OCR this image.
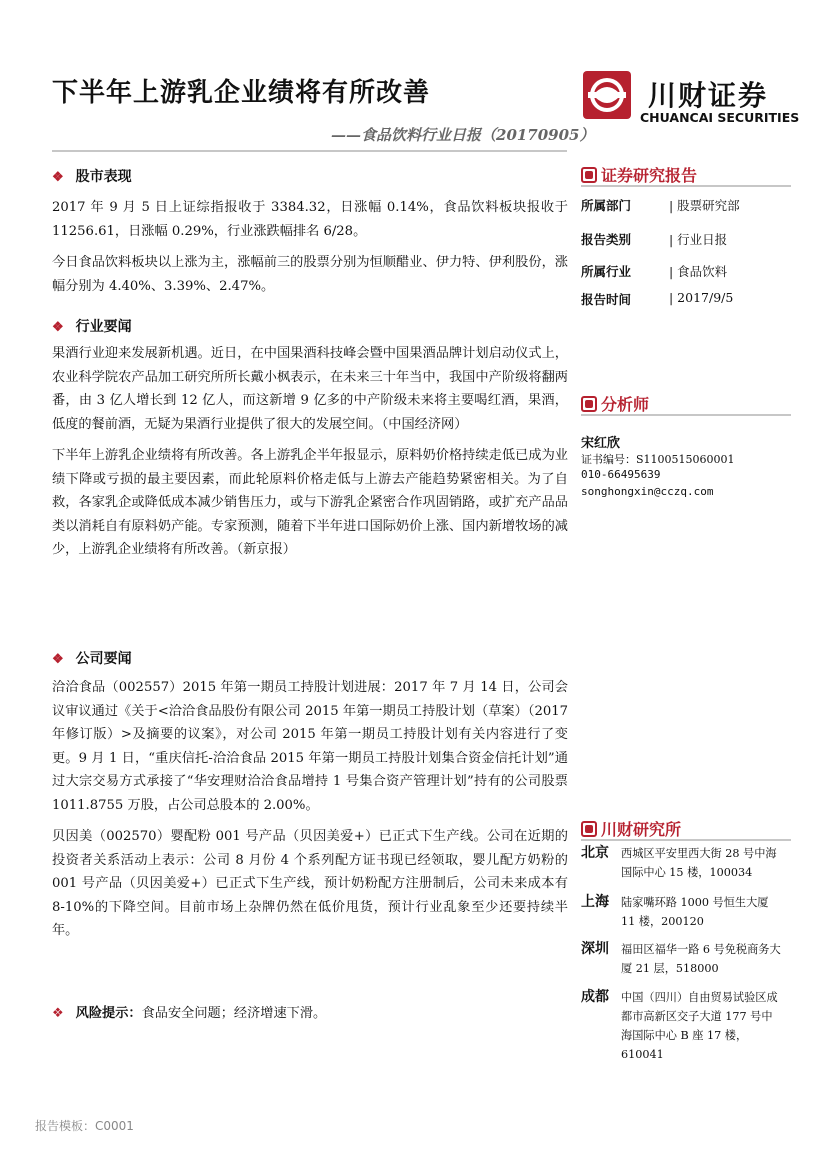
下半年上游乳企业绩将有所改善
——食品饮料行业日报（20170905）
川财证券
CHUANCAI SECURITIES
❖ 股市表现

2017 年 9 月 5 日上证综指报收于 3384.32，日涨幅 0.14%，食品饮料板块报收于 11256.61，日涨幅 0.29%，行业涨跌幅排名 6/28。

今日食品饮料板块以上涨为主，涨幅前三的股票分别为恒顺醋业、伊力特、伊利股份，涨幅分别为 4.40%、3.39%、2.47%。

❖ 行业要闻

果酒行业迎来发展新机遇。近日，在中国果酒科技峰会暨中国果酒品牌计划启动仪式上，农业科学院农产品加工研究所所长戴小枫表示，在未来三十年当中，我国中产阶级将翻两番，由 3 亿人增长到 12 亿人，而这新增 9 亿多的中产阶级未来将主要喝红酒，果酒，低度的餐前酒，无疑为果酒行业提供了很大的发展空间。（中国经济网）

下半年上游乳企业绩将有所改善。各上游乳企半年报显示，原料奶价格持续走低已成为业绩下降或亏损的最主要因素，而此轮原料价格走低与上游去产能趋势紧密相关。为了自救，各家乳企或降低成本减少销售压力，或与下游乳企紧密合作巩固销路，或扩充产品品类以消耗自有原料奶产能。专家预测，随着下半年进口国际奶价上涨、国内新增牧场的减少，上游乳企业绩将有所改善。（新京报）

❖ 公司要闻

洽洽食品（002557）2015 年第一期员工持股计划进展：2017 年 7 月 14 日，公司会议审议通过《关于<洽洽食品股份有限公司 2015 年第一期员工持股计划（草案）（2017 年修订版）>及摘要的议案》，对公司 2015 年第一期员工持股计划有关内容进行了变更。9 月 1 日，“重庆信托-洽洽食品 2015 年第一期员工持股计划集合资金信托计划”通过大宗交易方式承接了“华安理财洽洽食品增持 1 号集合资产管理计划”持有的公司股票 1011.8755 万股，占公司总股本的 2.00%。

贝因美（002570）婴配粉 001 号产品（贝因美爱+）已正式下生产线。公司在近期的投资者关系活动上表示：公司 8 月份 4 个系列配方证书现已经领取，婴儿配方奶粉的 001 号产品（贝因美爱+）已正式下生产线，预计奶粉配方注册制后，公司未来成本有 8-10%的下降空间。目前市场上杂牌仍然在低价甩货，预计行业乱象至少还要持续半年。

❖ 风险提示：食品安全问题；经济增速下滑。
证券研究报告
所属部门	| 股票研究部
报告类别	| 行业日报
所属行业	| 食品饮料
报告时间	| 2017/9/5
分析师
宋红欣
证书编号：S1100515060001
010-66495639
songhongxin@cczq.com
川财研究所
北京 西城区平安里西大街 28 号中海国际中心 15 楼，100034
上海 陆家嘴环路 1000 号恒生大厦 11 楼，200120
深圳 福田区福华一路 6 号免税商务大厦 21 层，518000
成都 中国（四川）自由贸易试验区成都市高新区交子大道 177 号中海国际中心 B 座 17 楼，610041
报告模板：C0001
